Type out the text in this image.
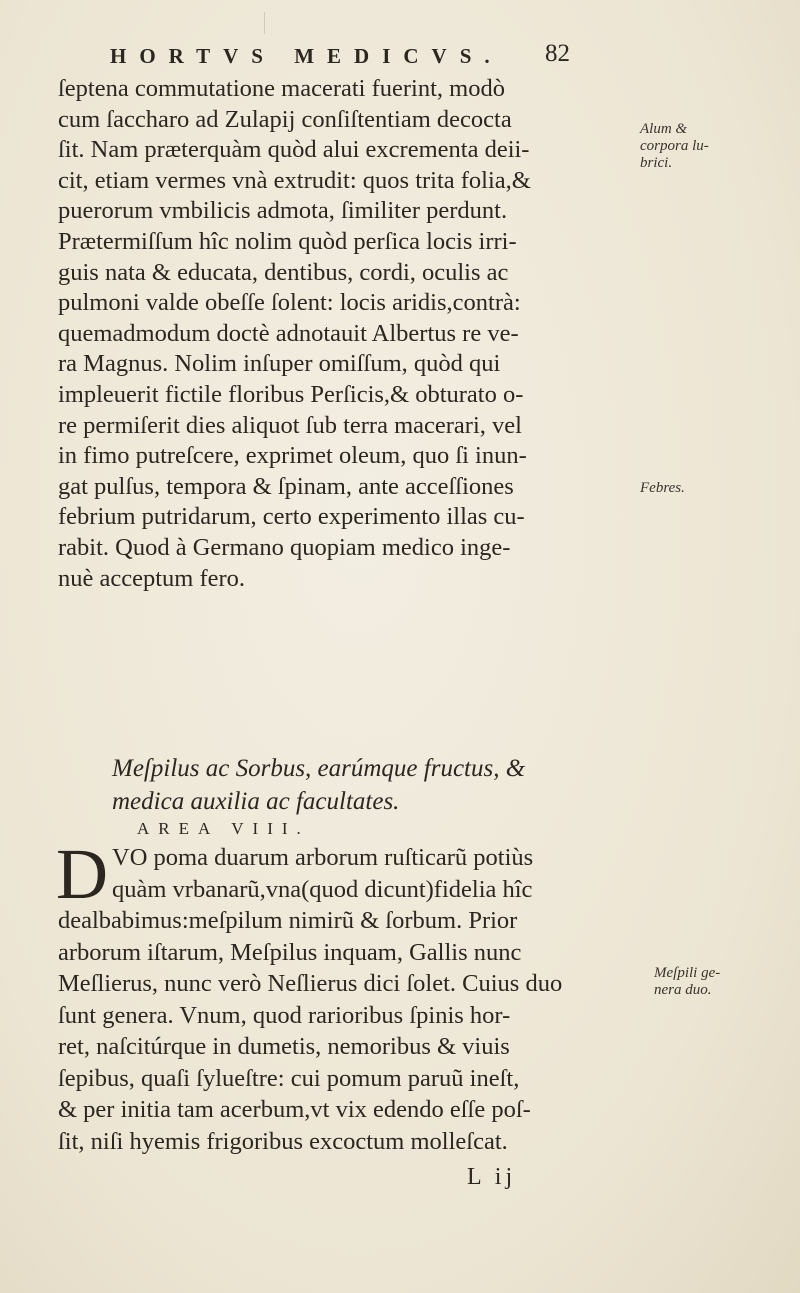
HORTVS MEDICVS. 82
ſeptena commutatione macerati fuerint, modò
cum ſaccharo ad Zulapij conſiſtentiam decocta
ſit. Nam præterquàm quòd alui excrementa deii-
cit, etiam vermes vnà extrudit: quos trita folia,&
puerorum vmbilicis admota, ſimiliter perdunt.
Prætermiſſum hîc nolim quòd perſica locis irri-
guis nata & educata, dentibus, cordi, oculis ac
pulmoni valde obeſſe ſolent: locis aridis,contrà:
quemadmodum doctè adnotauit Albertus re ve-
ra Magnus. Nolim inſuper omiſſum, quòd qui
impleuerit fictile floribus Perſicis,& obturato o-
re permiſerit dies aliquot ſub terra macerari, vel
in fimo putreſcere, exprimet oleum, quo ſi inun-
gat pulſus, tempora & ſpinam, ante acceſſiones
febrium putridarum, certo experimento illas cu-
rabit. Quod à Germano quopiam medico inge-
nuè acceptum fero.
Alum &
corpora lu-
brici.
Febres.
Meſpilus ac Sorbus, earúmque fructus, &
medica auxilia ac facultates.
AREA VIII.
D VO poma duarum arborum ruſticarũ potiùs
quàm vrbanarũ,vna(quod dicunt)fidelia hîc
dealbabimus:meſpilum nimirũ & ſorbum. Prior
arborum iſtarum, Meſpilus inquam, Gallis nunc
Meſlierus, nunc verò Neſlierus dici ſolet. Cuius duo
ſunt genera. Vnum, quod rarioribus ſpinis hor-
ret, naſcitúrque in dumetis, nemoribus & viuis
ſepibus, quaſi ſylueſtre: cui pomum paruũ ineſt,
& per initia tam acerbum,vt vix edendo eſſe poſ-
ſit, niſi hyemis frigoribus excoctum molleſcat.
Meſpili ge-
nera duo.
L ij
